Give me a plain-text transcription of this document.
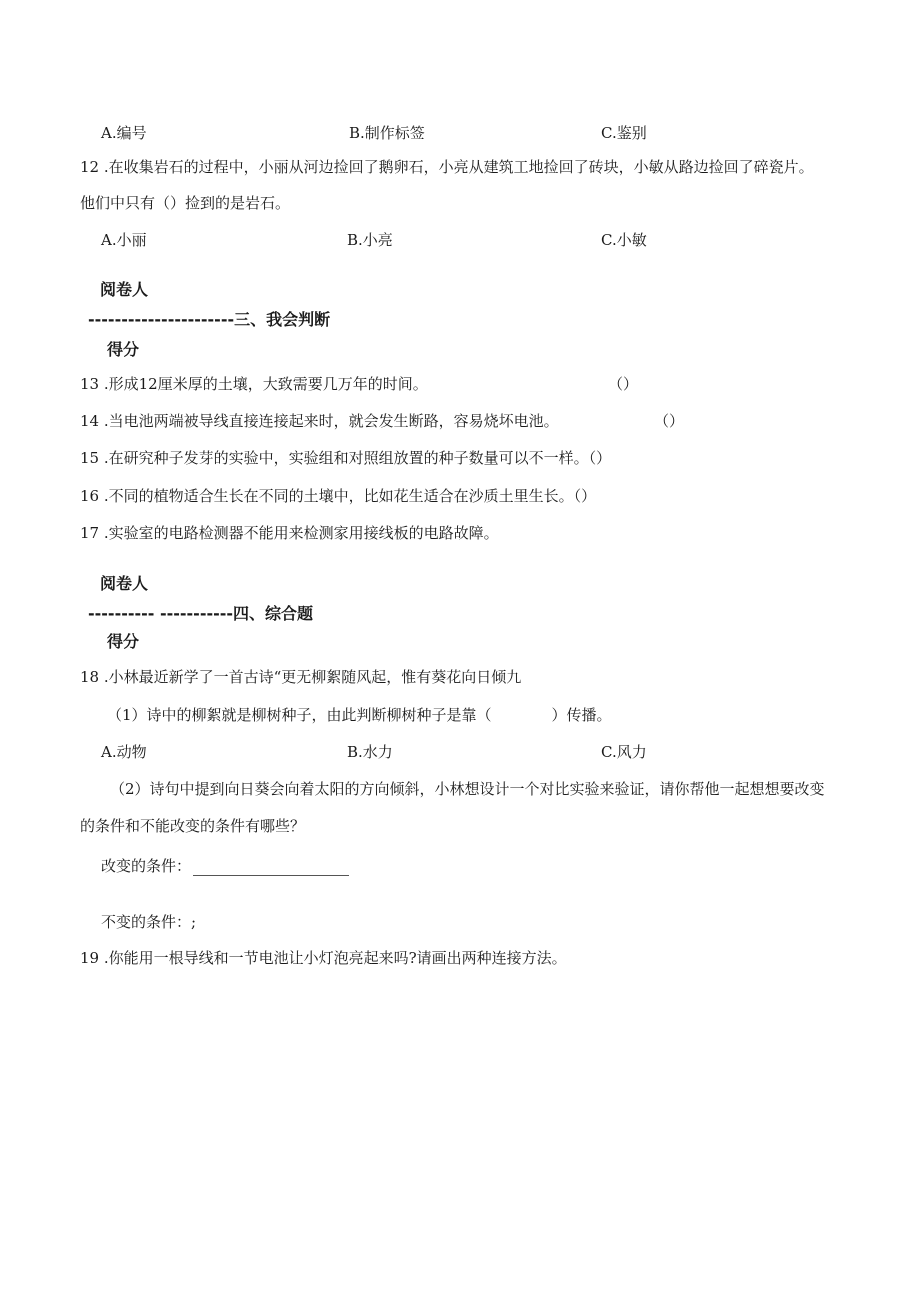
A.编号	B.制作标签	C.鉴别
12 .在收集岩石的过程中，小丽从河边捡回了鹅卵石，小亮从建筑工地捡回了砖块，小敏从路边捡回了碎瓷片。
他们中只有（）捡到的是岩石。
A.小丽	B.小亮	C.小敏
阅卷人
----------------------三、我会判断
得分
13 .形成12厘米厚的土壤，大致需要几万年的时间。	（）
14 .当电池两端被导线直接连接起来时，就会发生断路，容易烧坏电池。	（）
15 .在研究种子发芽的实验中，实验组和对照组放置的种子数量可以不一样。（）
16 .不同的植物适合生长在不同的土壤中，比如花生适合在沙质土里生长。（）
17 .实验室的电路检测器不能用来检测家用接线板的电路故障。
阅卷人
---------- -----------四、综合题
得分
18 .小林最近新学了一首古诗“更无柳絮随风起，惟有葵花向日倾九
（1）诗中的柳絮就是柳树种子，由此判断柳树种子是靠（　　　　）传播。
A.动物	B.水力	C.风力
（2）诗句中提到向日葵会向着太阳的方向倾斜，小林想设计一个对比实验来验证，请你帮他一起想想要改变
的条件和不能改变的条件有哪些？
改变的条件：
不变的条件：;
19 .你能用一根导线和一节电池让小灯泡亮起来吗?请画出两种连接方法。
